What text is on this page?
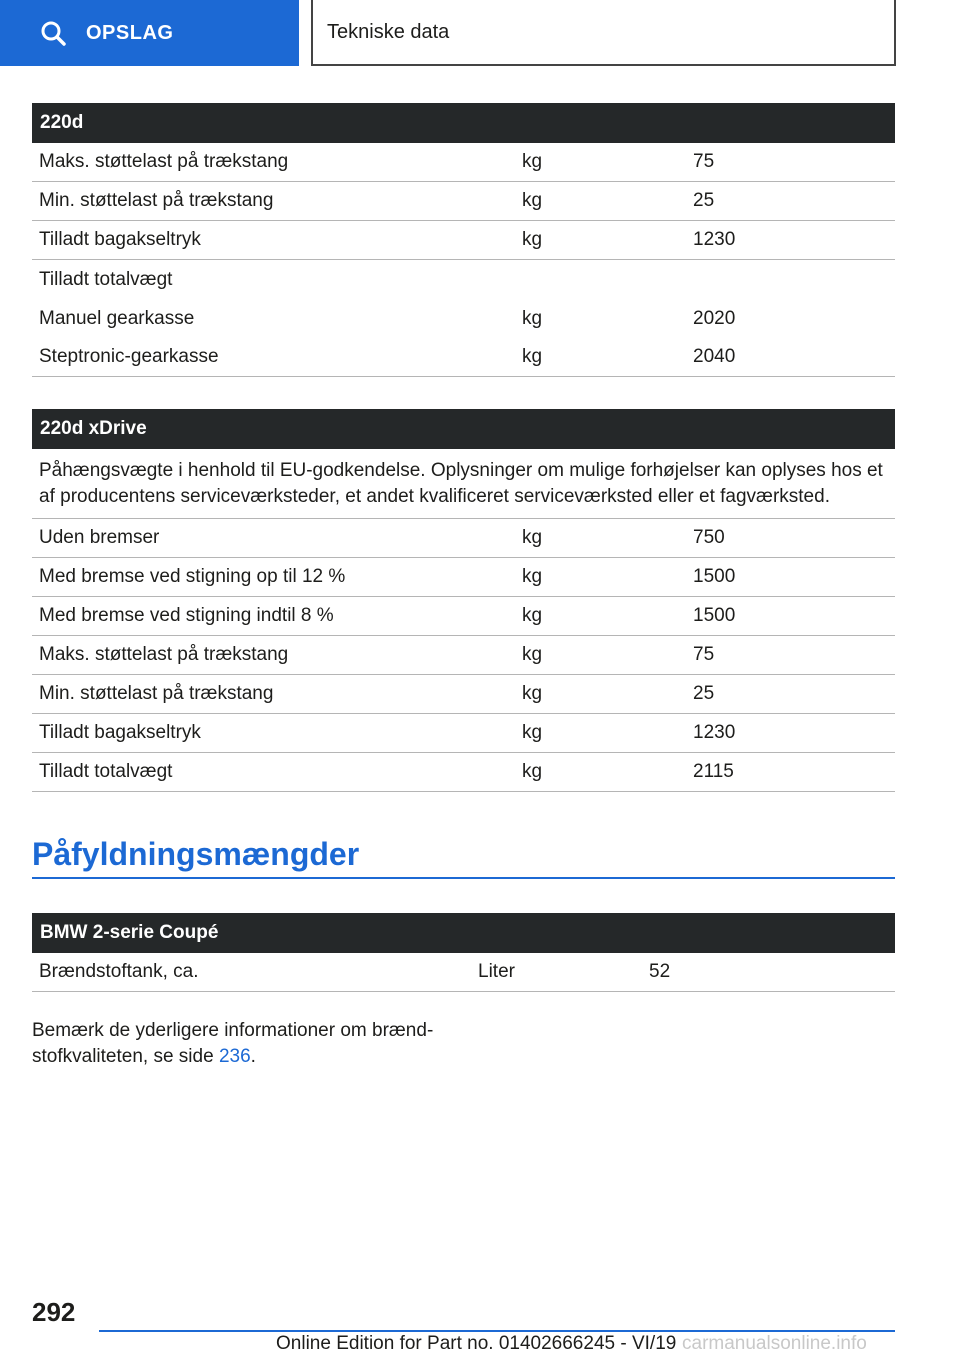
OPSLAG	Tekniske data
220d
Maks. støttelast på trækstang	kg	75
Min. støttelast på trækstang	kg	25
Tilladt bagakseltryk	kg	1230
Tilladt totalvægt
Manuel gearkasse	kg	2020
Steptronic-gearkasse	kg	2040
220d xDrive
Påhængsvægte i henhold til EU-godkendelse. Oplysninger om mulige forhøjelser kan oplyses hos et af producentens serviceværksteder, et andet kvalificeret serviceværksted eller et fagværksted.
Uden bremser	kg	750
Med bremse ved stigning op til 12 %	kg	1500
Med bremse ved stigning indtil 8 %	kg	1500
Maks. støttelast på trækstang	kg	75
Min. støttelast på trækstang	kg	25
Tilladt bagakseltryk	kg	1230
Tilladt totalvægt	kg	2115
Påfyldningsmængder
BMW 2-serie Coupé
Brændstoftank, ca.	Liter	52
Bemærk de yderligere informationer om brændstofkvaliteten, se side 236.
292
Online Edition for Part no. 01402666245 - VI/19 carmanualsonline.info
